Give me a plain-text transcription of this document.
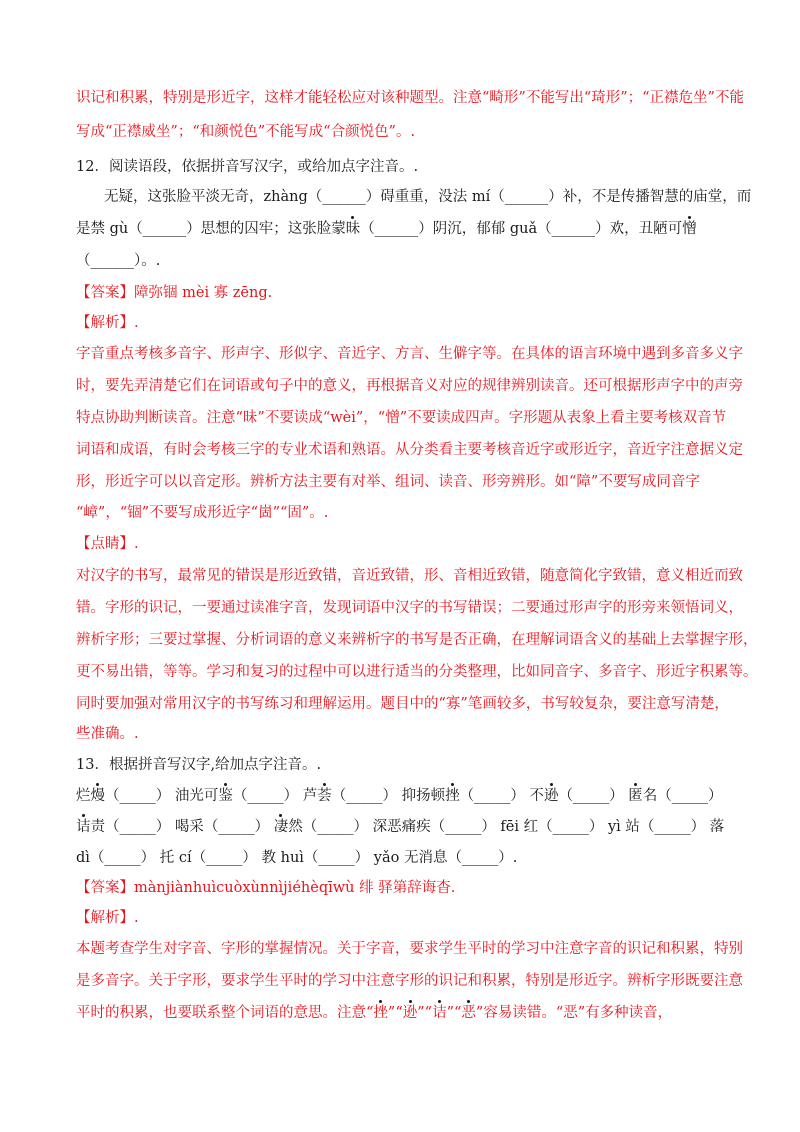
识记和积累，特别是形近字，这样才能轻松应对该种题型。注意“畸形”不能写出“琦形”；“正襟危坐”不能
写成“正襟威坐”；“和颜悦色”不能写成“合颜悦色”。.
12．阅读语段，依据拼音写汉字，或给加点字注音。.
无疑，这张脸平淡无奇，zhàng（______）碍重重，没法 mí（______）补，不是传播智慧的庙堂，而
是禁 gù（______）思想的囚牢；这张脸蒙昧（______）阴沉，郁郁 guǎ（______）欢，丑陋可憎
（______）。.
【答案】障弥锢 mèi 寡 zēng.
【解析】.
字音重点考核多音字、形声字、形似字、音近字、方言、生僻字等。在具体的语言环境中遇到多音多义字
时，要先弄清楚它们在词语或句子中的意义，再根据音义对应的规律辨别读音。还可根据形声字中的声旁
特点协助判断读音。注意“昧”不要读成“wèi”，“憎”不要读成四声。字形题从表象上看主要考核双音节
词语和成语，有时会考核三字的专业术语和熟语。从分类看主要考核音近字或形近字，音近字注意据义定
形，形近字可以以音定形。辨析方法主要有对举、组词、读音、形旁辨形。如“障”不要写成同音字
“嶂”，“锢”不要写成形近字“崮”“固”。.
【点睛】.
对汉字的书写，最常见的错误是形近致错，音近致错，形、音相近致错，随意简化字致错，意义相近而致
错。字形的识记，一要通过读准字音，发现词语中汉字的书写错误；二要通过形声字的形旁来领悟词义，
辨析字形；三要过掌握、分析词语的意义来辨析字的书写是否正确，在理解词语含义的基础上去掌握字形，
更不易出错，等等。学习和复习的过程中可以进行适当的分类整理，比如同音字、多音字、形近字积累等。
同时要加强对常用汉字的书写练习和理解运用。题目中的“寡”笔画较多，书写较复杂，要注意写清楚，
些准确。.
13．根据拼音写汉字,给加点字注音。.
烂熳（_____） 油光可鉴（_____） 芦荟（_____） 抑扬顿挫（_____） 不逊（_____） 匿名（_____）
诘责（_____） 喝采（_____） 凄然（_____） 深恶痛疾（_____） fēi 红（_____） yì 站（_____） 落
dì（_____） 托 cí（_____） 教 huì（_____） yǎo 无消息（_____）.
【答案】mànjiànhuìcuòxùnnìjiéhèqīwù 绯 驿第辞诲杳.
【解析】.
本题考查学生对字音、字形的掌握情况。关于字音，要求学生平时的学习中注意字音的识记和积累，特别
是多音字。关于字形，要求学生平时的学习中注意字形的识记和积累，特别是形近字。辨析字形既要注意
平时的积累，也要联系整个词语的意思。注意“挫”“逊”“诘”“恶”容易读错。“恶”有多种读音，
